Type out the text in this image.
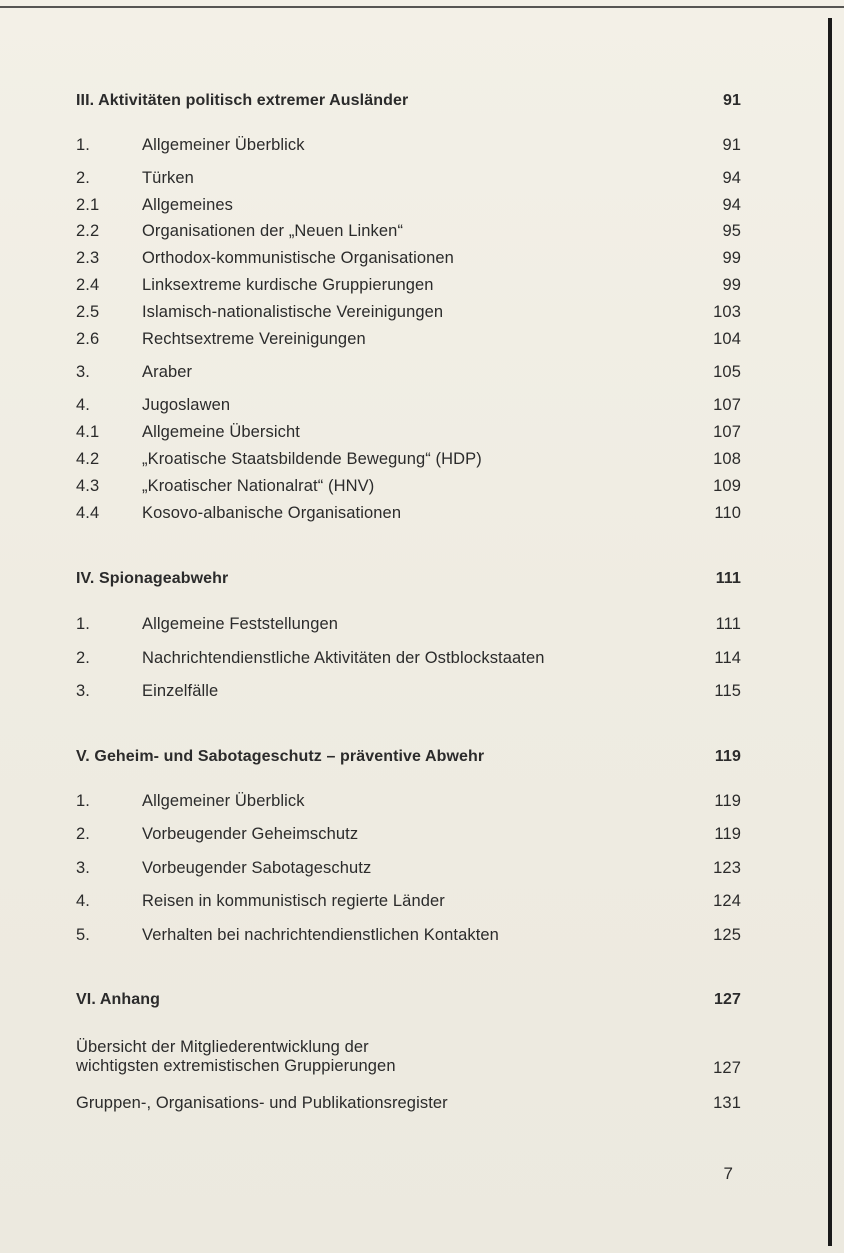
III. Aktivitäten politisch extremer Ausländer	91
1.	Allgemeiner Überblick	91
2.	Türken	94
2.1	Allgemeines	94
2.2	Organisationen der „Neuen Linken“	95
2.3	Orthodox-kommunistische Organisationen	99
2.4	Linksextreme kurdische Gruppierungen	99
2.5	Islamisch-nationalistische Vereinigungen	103
2.6	Rechtsextreme Vereinigungen	104
3.	Araber	105
4.	Jugoslawen	107
4.1	Allgemeine Übersicht	107
4.2	„Kroatische Staatsbildende Bewegung“ (HDP)	108
4.3	„Kroatischer Nationalrat“ (HNV)	109
4.4	Kosovo-albanische Organisationen	110
IV. Spionageabwehr	111
1.	Allgemeine Feststellungen	111
2.	Nachrichtendienstliche Aktivitäten der Ostblockstaaten	114
3.	Einzelfälle	115
V. Geheim- und Sabotageschutz – präventive Abwehr	119
1.	Allgemeiner Überblick	119
2.	Vorbeugender Geheimschutz	119
3.	Vorbeugender Sabotageschutz	123
4.	Reisen in kommunistisch regierte Länder	124
5.	Verhalten bei nachrichtendienstlichen Kontakten	125
VI. Anhang	127
Übersicht der Mitgliederentwicklung der
wichtigsten extremistischen Gruppierungen	127
Gruppen-, Organisations- und Publikationsregister	131
7
